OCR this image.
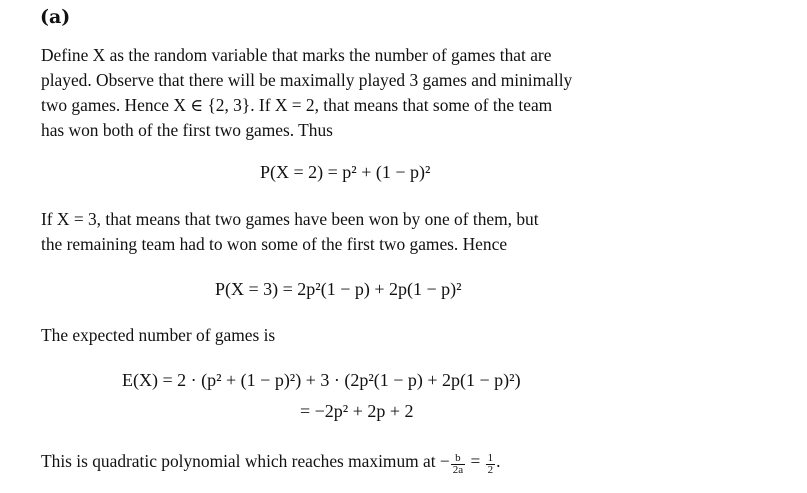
(a)
Define X as the random variable that marks the number of games that are
played. Observe that there will be maximally played 3 games and minimally
two games. Hence X ∈ {2, 3}. If X = 2, that means that some of the team
has won both of the first two games. Thus
P(X = 2) = p² + (1 − p)²
If X = 3, that means that two games have been won by one of them, but
the remaining team had to won some of the first two games. Hence
P(X = 3) = 2p²(1 − p) + 2p(1 − p)²
The expected number of games is
E(X) = 2 · (p² + (1 − p)²) + 3 · (2p²(1 − p) + 2p(1 − p)²)
= −2p² + 2p + 2
This is quadratic polynomial which reaches maximum at − $\frac{b}{2a} = \frac{1}{2}$ .
